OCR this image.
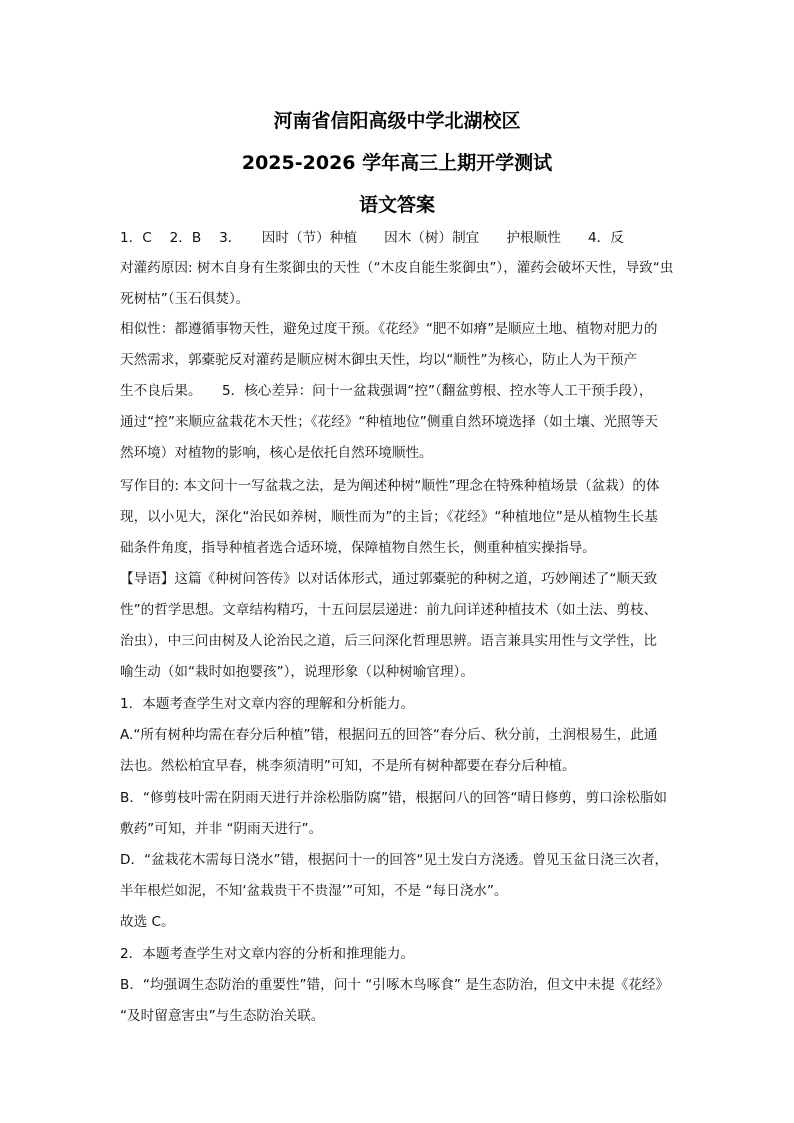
河南省信阳高级中学北湖校区
2025-2026 学年高三上期开学测试
语文答案
1．C　 2．B　 3．　　因时（节）种植　　因木（树）制宜　　护根顺性　　4．反
对灌药原因: 树木自身有生浆御虫的天性（“木皮自能生浆御虫”），灌药会破坏天性，导致“虫
死树枯”（玉石俱焚）。
相似性：都遵循事物天性，避免过度干预。《花经》“肥不如瘠”是顺应土地、植物对肥力的
天然需求，郭橐驼反对灌药是顺应树木御虫天性，均以“顺性”为核心，防止人为干预产
生不良后果。　　5．核心差异：问十一盆栽强调“控”（翻盆剪根、控水等人工干预手段），
通过“控”来顺应盆栽花木天性；《花经》“种植地位”侧重自然环境选择（如土壤、光照等天
然环境）对植物的影响，核心是依托自然环境顺性。
写作目的: 本文问十一写盆栽之法，是为阐述种树“顺性”理念在特殊种植场景（盆栽）的体
现，以小见大，深化“治民如养树，顺性而为”的主旨；《花经》“种植地位”是从植物生长基
础条件角度，指导种植者选合适环境，保障植物自然生长，侧重种植实操指导。
【导语】这篇《种树问答传》以对话体形式，通过郭橐驼的种树之道，巧妙阐述了“顺天致
性”的哲学思想。文章结构精巧，十五问层层递进：前九问详述种植技术（如土法、剪枝、
治虫），中三问由树及人论治民之道，后三问深化哲理思辨。语言兼具实用性与文学性，比
喻生动（如“栽时如抱婴孩”），说理形象（以种树喻官理）。
1．本题考查学生对文章内容的理解和分析能力。
A.“所有树种均需在春分后种植”错，根据问五的回答“春分后、秋分前，土润根易生，此通
法也。然松柏宜早春，桃李须清明”可知，不是所有树种都要在春分后种植。
B．“修剪枝叶需在阴雨天进行并涂松脂防腐”错，根据问八的回答“晴日修剪，剪口涂松脂如
敷药”可知，并非 “阴雨天进行”。
D．“盆栽花木需每日浇水”错，根据问十一的回答“见土发白方浇透。曾见玉盆日浇三次者，
半年根烂如泥，不知‘盆栽贵干不贵湿’”可知，不是 “每日浇水”。
故选 C。
2．本题考查学生对文章内容的分析和推理能力。
B．“均强调生态防治的重要性”错，问十 “引啄木鸟啄食” 是生态防治，但文中未提《花经》
“及时留意害虫”与生态防治关联。
